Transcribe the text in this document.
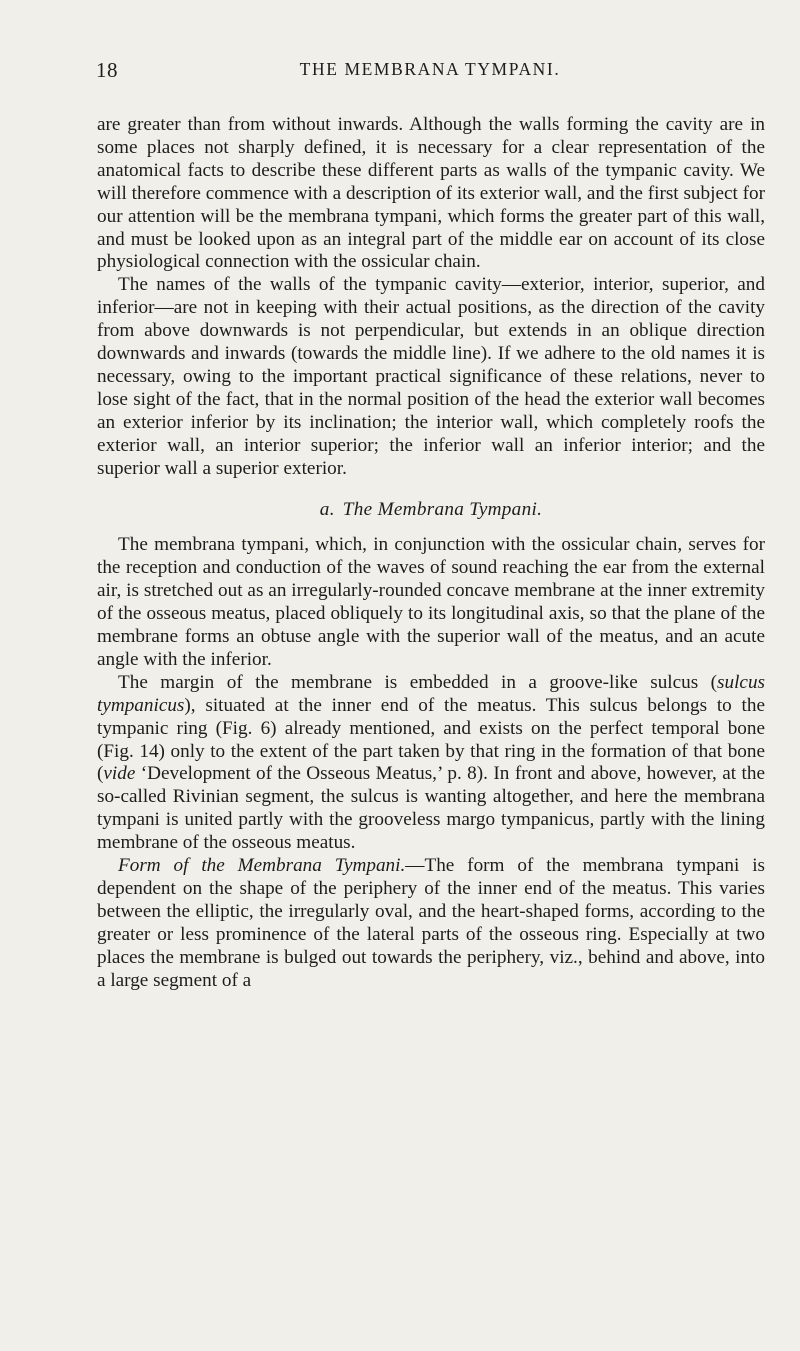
18	THE MEMBRANA TYMPANI.

are greater than from without inwards. Although the walls forming the cavity are in some places not sharply defined, it is necessary for a clear representation of the anatomical facts to describe these different parts as walls of the tympanic cavity. We will therefore commence with a description of its exterior wall, and the first subject for our attention will be the membrana tympani, which forms the greater part of this wall, and must be looked upon as an integral part of the middle ear on account of its close physiological connection with the ossicular chain.

The names of the walls of the tympanic cavity—exterior, interior, superior, and inferior—are not in keeping with their actual positions, as the direction of the cavity from above downwards is not perpendicular, but extends in an oblique direction downwards and inwards (towards the middle line). If we adhere to the old names it is necessary, owing to the important practical significance of these relations, never to lose sight of the fact, that in the normal position of the head the exterior wall becomes an exterior inferior by its inclination; the interior wall, which completely roofs the exterior wall, an interior superior; the inferior wall an inferior interior; and the superior wall a superior exterior.

a. The Membrana Tympani.

The membrana tympani, which, in conjunction with the ossicular chain, serves for the reception and conduction of the waves of sound reaching the ear from the external air, is stretched out as an irregularly-rounded concave membrane at the inner extremity of the osseous meatus, placed obliquely to its longitudinal axis, so that the plane of the membrane forms an obtuse angle with the superior wall of the meatus, and an acute angle with the inferior.

The margin of the membrane is embedded in a groove-like sulcus (sulcus tympanicus), situated at the inner end of the meatus. This sulcus belongs to the tympanic ring (Fig. 6) already mentioned, and exists on the perfect temporal bone (Fig. 14) only to the extent of the part taken by that ring in the formation of that bone (vide ‘Development of the Osseous Meatus,’ p. 8). In front and above, however, at the so-called Rivinian segment, the sulcus is wanting altogether, and here the membrana tympani is united partly with the grooveless margo tympanicus, partly with the lining membrane of the osseous meatus.

Form of the Membrana Tympani.—The form of the membrana tympani is dependent on the shape of the periphery of the inner end of the meatus. This varies between the elliptic, the irregularly oval, and the heart-shaped forms, according to the greater or less prominence of the lateral parts of the osseous ring. Especially at two places the membrane is bulged out towards the periphery, viz., behind and above, into a large segment of a
